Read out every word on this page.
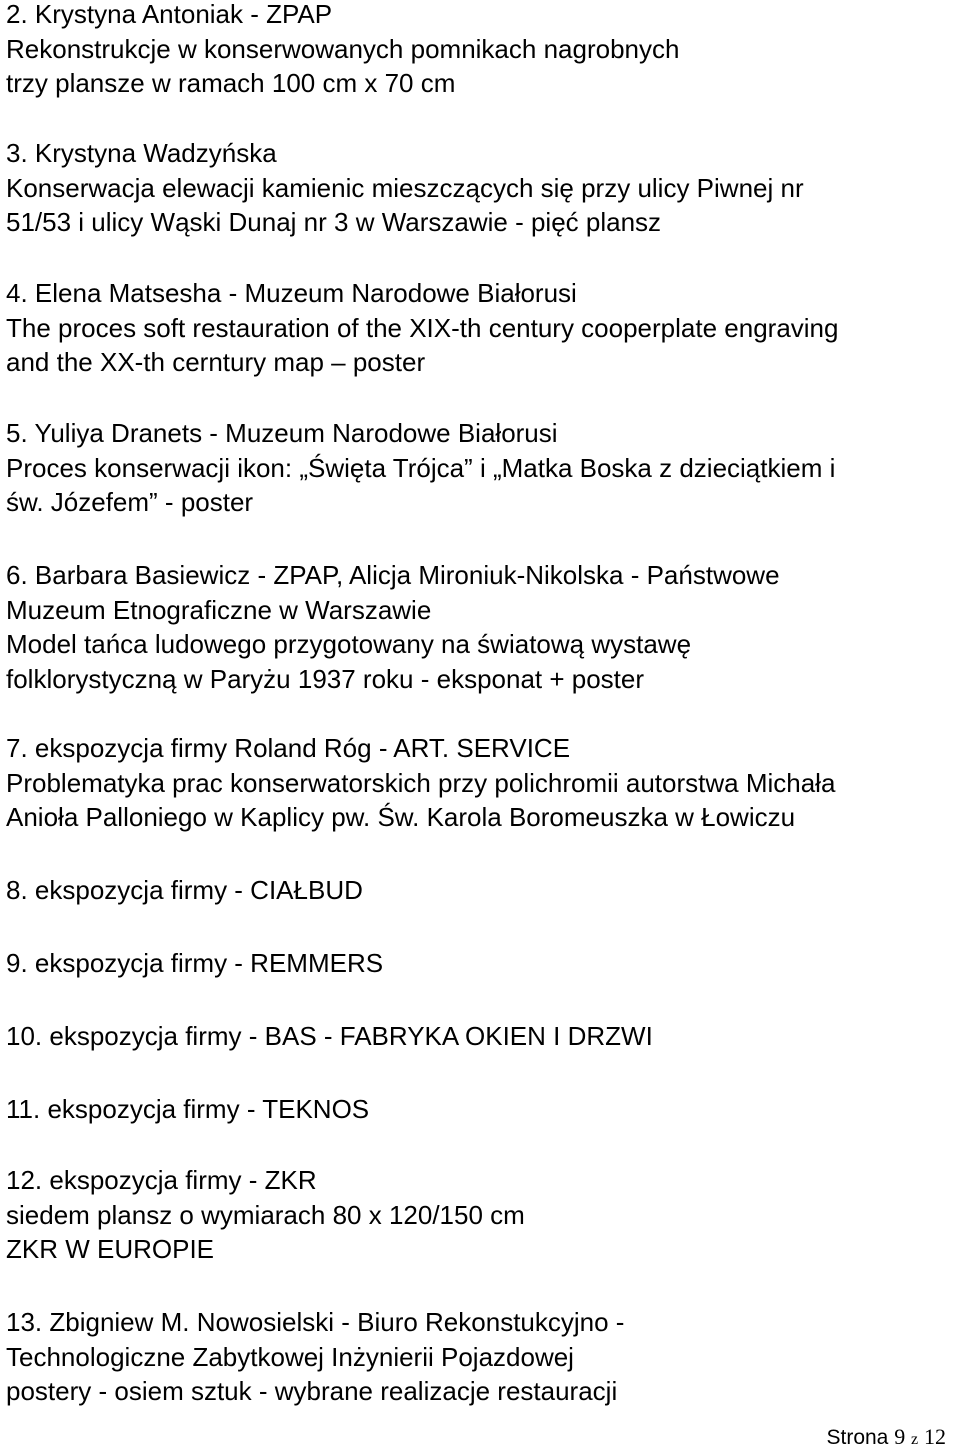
2. Krystyna Antoniak - ZPAP
Rekonstrukcje w konserwowanych pomnikach nagrobnych
trzy plansze w ramach 100 cm x 70 cm
3. Krystyna Wadzyńska
Konserwacja elewacji kamienic mieszczących się przy ulicy Piwnej nr
51/53 i ulicy Wąski Dunaj nr 3 w Warszawie - pięć plansz
4. Elena Matsesha - Muzeum Narodowe Białorusi
The proces soft restauration of the XIX-th century cooperplate engraving
and the XX-th cerntury map – poster
5. Yuliya Dranets - Muzeum Narodowe Białorusi
Proces konserwacji ikon: „Święta Trójca” i „Matka Boska z dzieciątkiem i
św. Józefem” - poster
6. Barbara Basiewicz - ZPAP, Alicja Mironiuk-Nikolska - Państwowe
Muzeum Etnograficzne w Warszawie
Model tańca ludowego przygotowany na światową wystawę
folklorystyczną w Paryżu 1937 roku - eksponat + poster
7. ekspozycja firmy Roland Róg - ART. SERVICE
Problematyka prac konserwatorskich przy polichromii autorstwa Michała
Anioła Palloniego w Kaplicy pw. Św. Karola Boromeuszka w Łowiczu
8. ekspozycja firmy - CIAŁBUD
9. ekspozycja firmy - REMMERS
10. ekspozycja firmy - BAS - FABRYKA OKIEN I DRZWI
11. ekspozycja firmy - TEKNOS
12. ekspozycja firmy - ZKR
siedem plansz o wymiarach 80 x 120/150 cm
ZKR W EUROPIE
13. Zbigniew M. Nowosielski - Biuro Rekonstukcyjno -
Technologiczne Zabytkowej Inżynierii Pojazdowej
postery - osiem sztuk - wybrane realizacje restauracji
Strona 9 z 12
